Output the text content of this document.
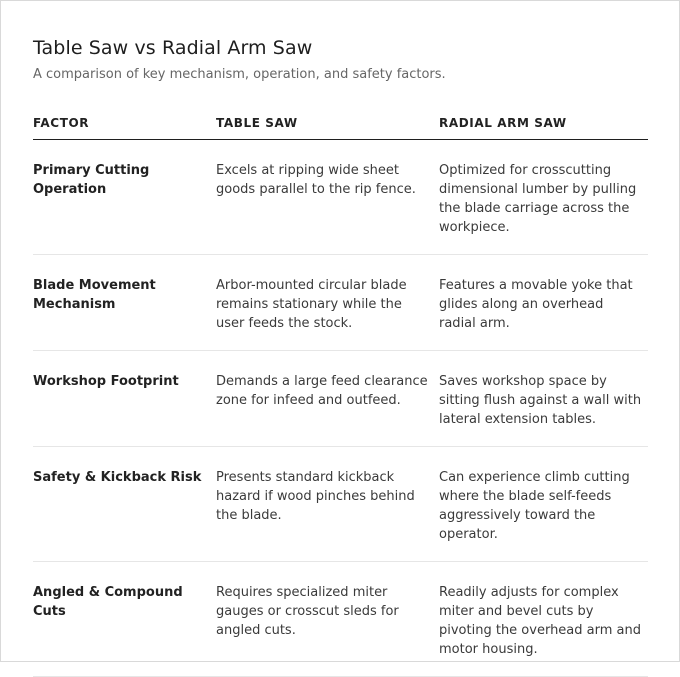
Table Saw vs Radial Arm Saw

A comparison of key mechanism, operation, and safety factors.

FACTOR	TABLE SAW	RADIAL ARM SAW
Primary Cutting Operation	Excels at ripping wide sheet goods parallel to the rip fence.	Optimized for crosscutting dimensional lumber by pulling the blade carriage across the workpiece.
Blade Movement Mechanism	Arbor-mounted circular blade remains stationary while the user feeds the stock.	Features a movable yoke that glides along an overhead radial arm.
Workshop Footprint	Demands a large feed clearance zone for infeed and outfeed.	Saves workshop space by sitting flush against a wall with lateral extension tables.
Safety & Kickback Risk	Presents standard kickback hazard if wood pinches behind the blade.	Can experience climb cutting where the blade self-feeds aggressively toward the operator.
Angled & Compound Cuts	Requires specialized miter gauges or crosscut sleds for angled cuts.	Readily adjusts for complex miter and bevel cuts by pivoting the overhead arm and motor housing.
